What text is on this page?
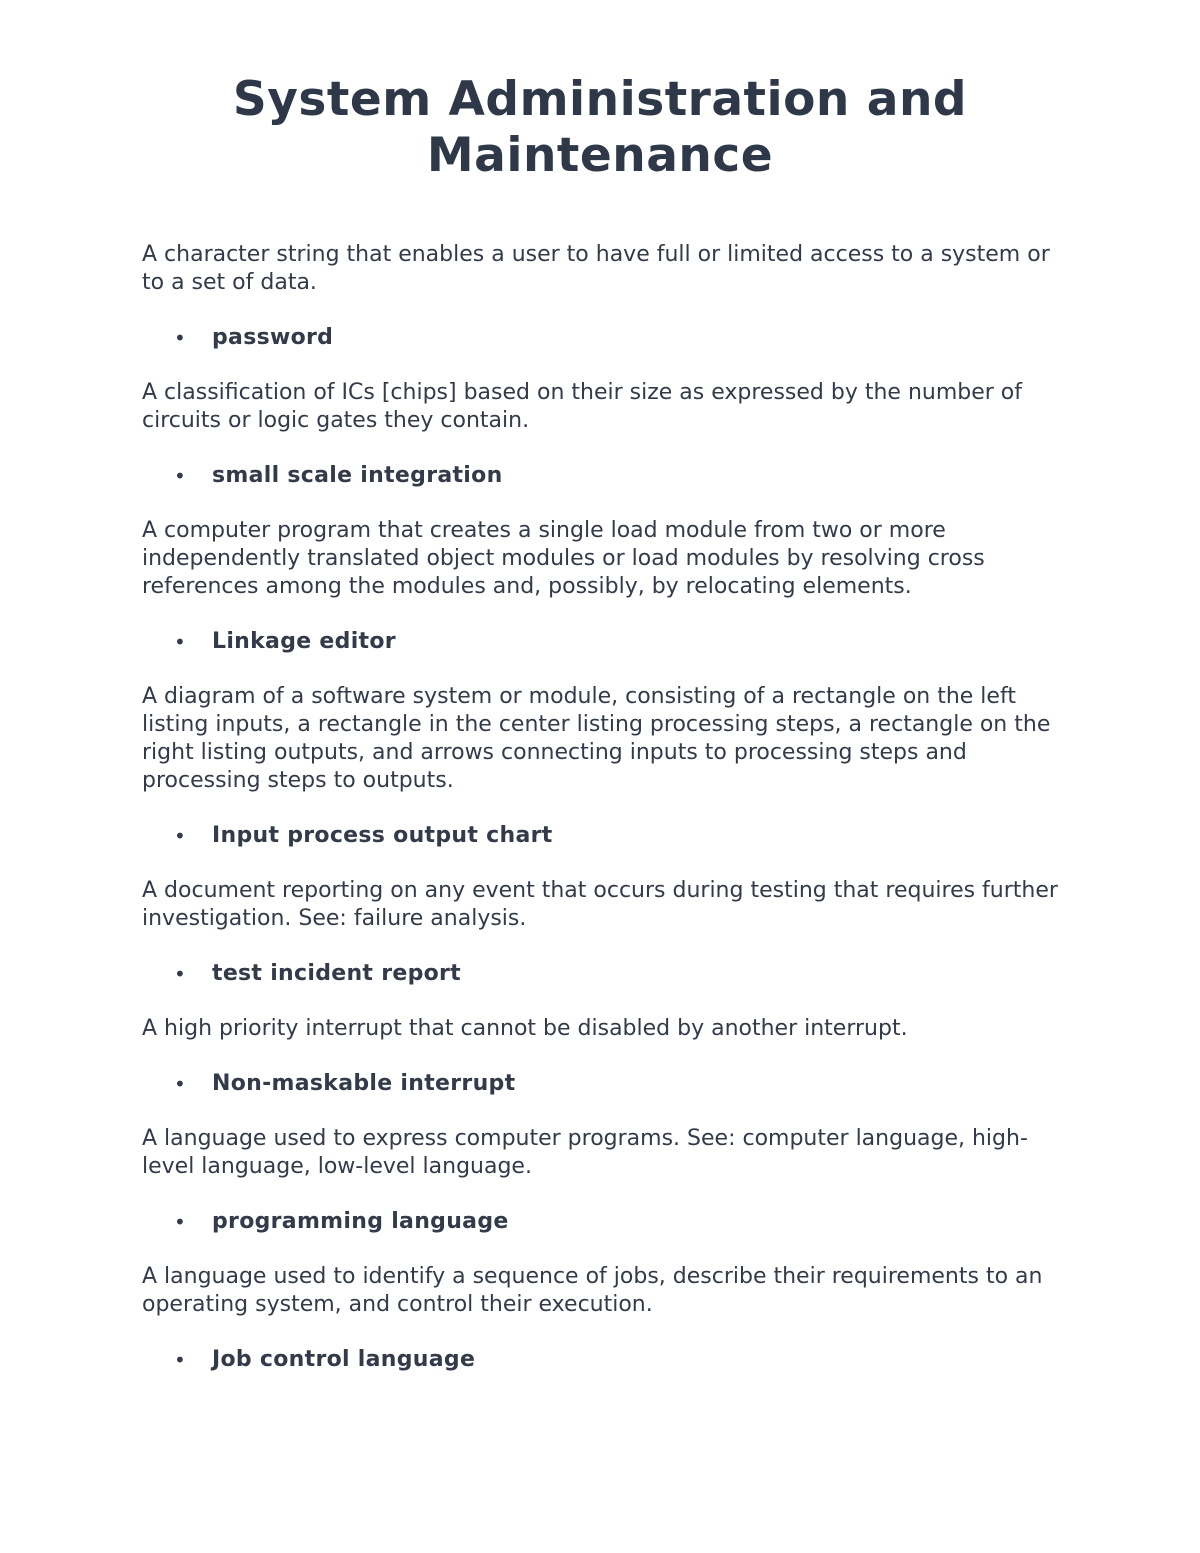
System Administration and Maintenance

A character string that enables a user to have full or limited access to a system or to a set of data.

• password

A classification of ICs [chips] based on their size as expressed by the number of circuits or logic gates they contain.

• small scale integration

A computer program that creates a single load module from two or more independently translated object modules or load modules by resolving cross references among the modules and, possibly, by relocating elements.

• Linkage editor

A diagram of a software system or module, consisting of a rectangle on the left listing inputs, a rectangle in the center listing processing steps, a rectangle on the right listing outputs, and arrows connecting inputs to processing steps and processing steps to outputs.

• Input process output chart

A document reporting on any event that occurs during testing that requires further investigation. See: failure analysis.

• test incident report

A high priority interrupt that cannot be disabled by another interrupt.

• Non-maskable interrupt

A language used to express computer programs. See: computer language, high-level language, low-level language.

• programming language

A language used to identify a sequence of jobs, describe their requirements to an operating system, and control their execution.

• Job control language
